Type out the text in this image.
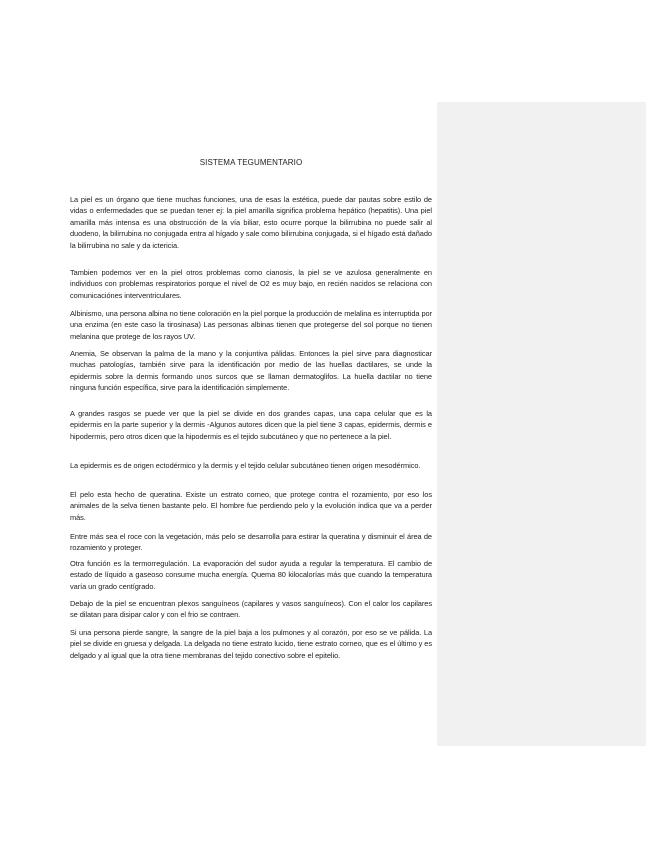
SISTEMA TEGUMENTARIO

La piel es un órgano que tiene muchas funciones, una de esas la estética, puede dar pautas sobre estilo de vidas o enfermedades que se puedan tener ej: la piel amarilla significa problema hepático (hepatitis). Una piel amarilla más intensa es una obstrucción de la vía biliar, esto ocurre porque la bilirrubina no puede salir al duodeno, la bilirrubina no conjugada entra al hígado y sale como bilirrubina conjugada, si el hígado está dañado la bilirrubina no sale y da ictericia.

Tambien podemos ver en la piel otros problemas como cianosis, la piel se ve azulosa generalmente en individuos con problemas respiratorios porque el nivel de O2 es muy bajo, en recién nacidos se relaciona con comunicaciónes interventriculares.

Albinismo, una persona albina no tiene coloración en la piel porque la producción de melalina es interruptida por una enzima (en este caso la tirosinasa) Las personas albinas tienen que protegerse del sol porque no tienen melanina que protege de los rayos UV.

Anemia, Se observan la palma de la mano y la conjuntiva pálidas. Entonces la piel sirve para diagnosticar muchas patologías, también sirve para la identificación por medio de las huellas dactilares, se unde la epidermis sobre la dermis formando unos surcos que se llaman dermatoglifos. La huella dactilar no tiene ninguna función específica, sirve para la identificación simplemente.

A grandes rasgos se puede ver que la piel se divide en dos grandes capas, una capa celular que es la epidermis en la parte superior y la dermis -Algunos autores dicen que la piel tiene 3 capas, epidermis, dermis e hipodermis, pero otros dicen que la hipodermis es el tejido subcutáneo y que no pertenece a la piel.

La epidermis es de origen ectodérmico y la dermis y el tejido celular subcutáneo tienen origen mesodérmico.

El pelo esta hecho de queratina. Existe un estrato corneo, que protege contra el rozamiento, por eso los animales de la selva tienen bastante pelo. El hombre fue perdiendo pelo y la evolución indica que va a perder más.

Entre más sea el roce con la vegetación, más pelo se desarrolla para estirar la queratina y disminuir el área de rozamiento y proteger.

Otra función es la termorregulación. La evaporación del sudor ayuda a regular la temperatura. El cambio de estado de líquido a gaseoso consume mucha energía. Quema 80 kilocalorías más que cuando la temperatura varía un grado centígrado.

Debajo de la piel se encuentran plexos sanguíneos (capilares y vasos sanguíneos). Con el calor los capilares se dilatan para disipar calor y con el frio se contraen.

Si una persona pierde sangre, la sangre de la piel baja a los pulmones y al corazón, por eso se ve pálida. La piel se divide en gruesa y delgada. La delgada no tiene estrato lucido, tiene estrato corneo, que es el último y es delgado y al igual que la otra tiene membranas del tejido conectivo sobre el epitelio.
